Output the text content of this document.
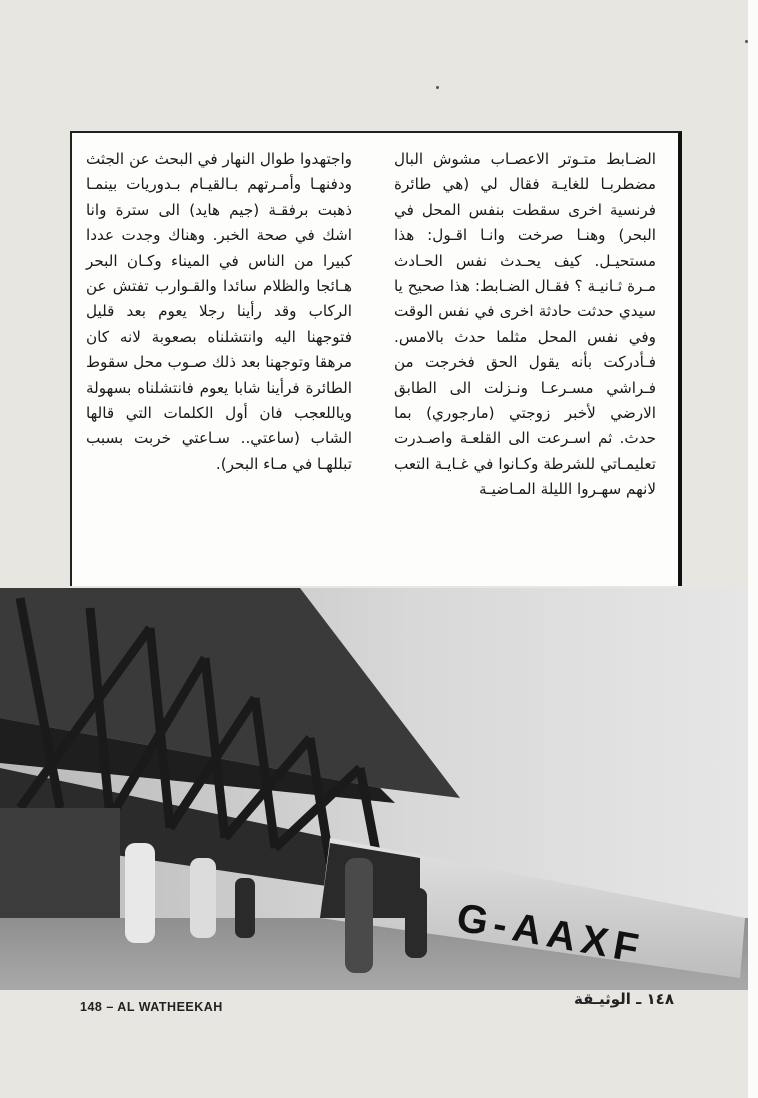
الضـابط متـوتر الاعصـاب مشوش البال مضطربـا للغايـة فقال لي (هي طائرة فرنسية اخرى سقطت بنفس المحل في البحر) وهنـا صرخت وانـا اقـول: هذا مستحيـل. كيف يحـدث نفس الحـادث مـرة ثـانيـة ؟ فقـال الضـابط: هذا صحيح يا سيدي حدثت حادثة اخرى في نفس الوقت وفي نفس المحل مثلما حدث بالامس. فـأدركت بأنه يقول الحق فخرجت من فـراشي مسـرعـا ونـزلت الى الطابق الارضي لأخبر زوجتي (مارجوري) بما حدث. ثم اسـرعت الى القلعـة واصـدرت تعليمـاتي للشرطة وكـانوا في غـايـة التعب لانهم سهـروا الليلة المـاضيـة

واجتهدوا طوال النهار في البحث عن الجثث ودفنهـا وأمـرتهم بـالقيـام بـدوريات بينمـا ذهبت برفقـة (جيم هايد) الى سترة وانا اشك في صحة الخبر. وهناك وجدت عددا كبيرا من الناس في الميناء وكـان البحر هـائجا والظلام سائدا والقـوارب تفتش عن الركاب وقد رأينا رجلا يعوم بعد قليل فتوجهنا اليه وانتشلناه بصعوبة لانه كان مرهقا وتوجهنا بعد ذلك صـوب محل سقوط الطائرة فرأينا شابا يعوم فانتشلناه بسهولة وياللعجب فان أول الكلمات التي قالها الشاب (ساعتي.. سـاعتي خربت بسبب تبللهـا في مـاء البحر).

G-AAXF
148 – AL WATHEEKAH	١٤٨ ـ الوثيـقة
